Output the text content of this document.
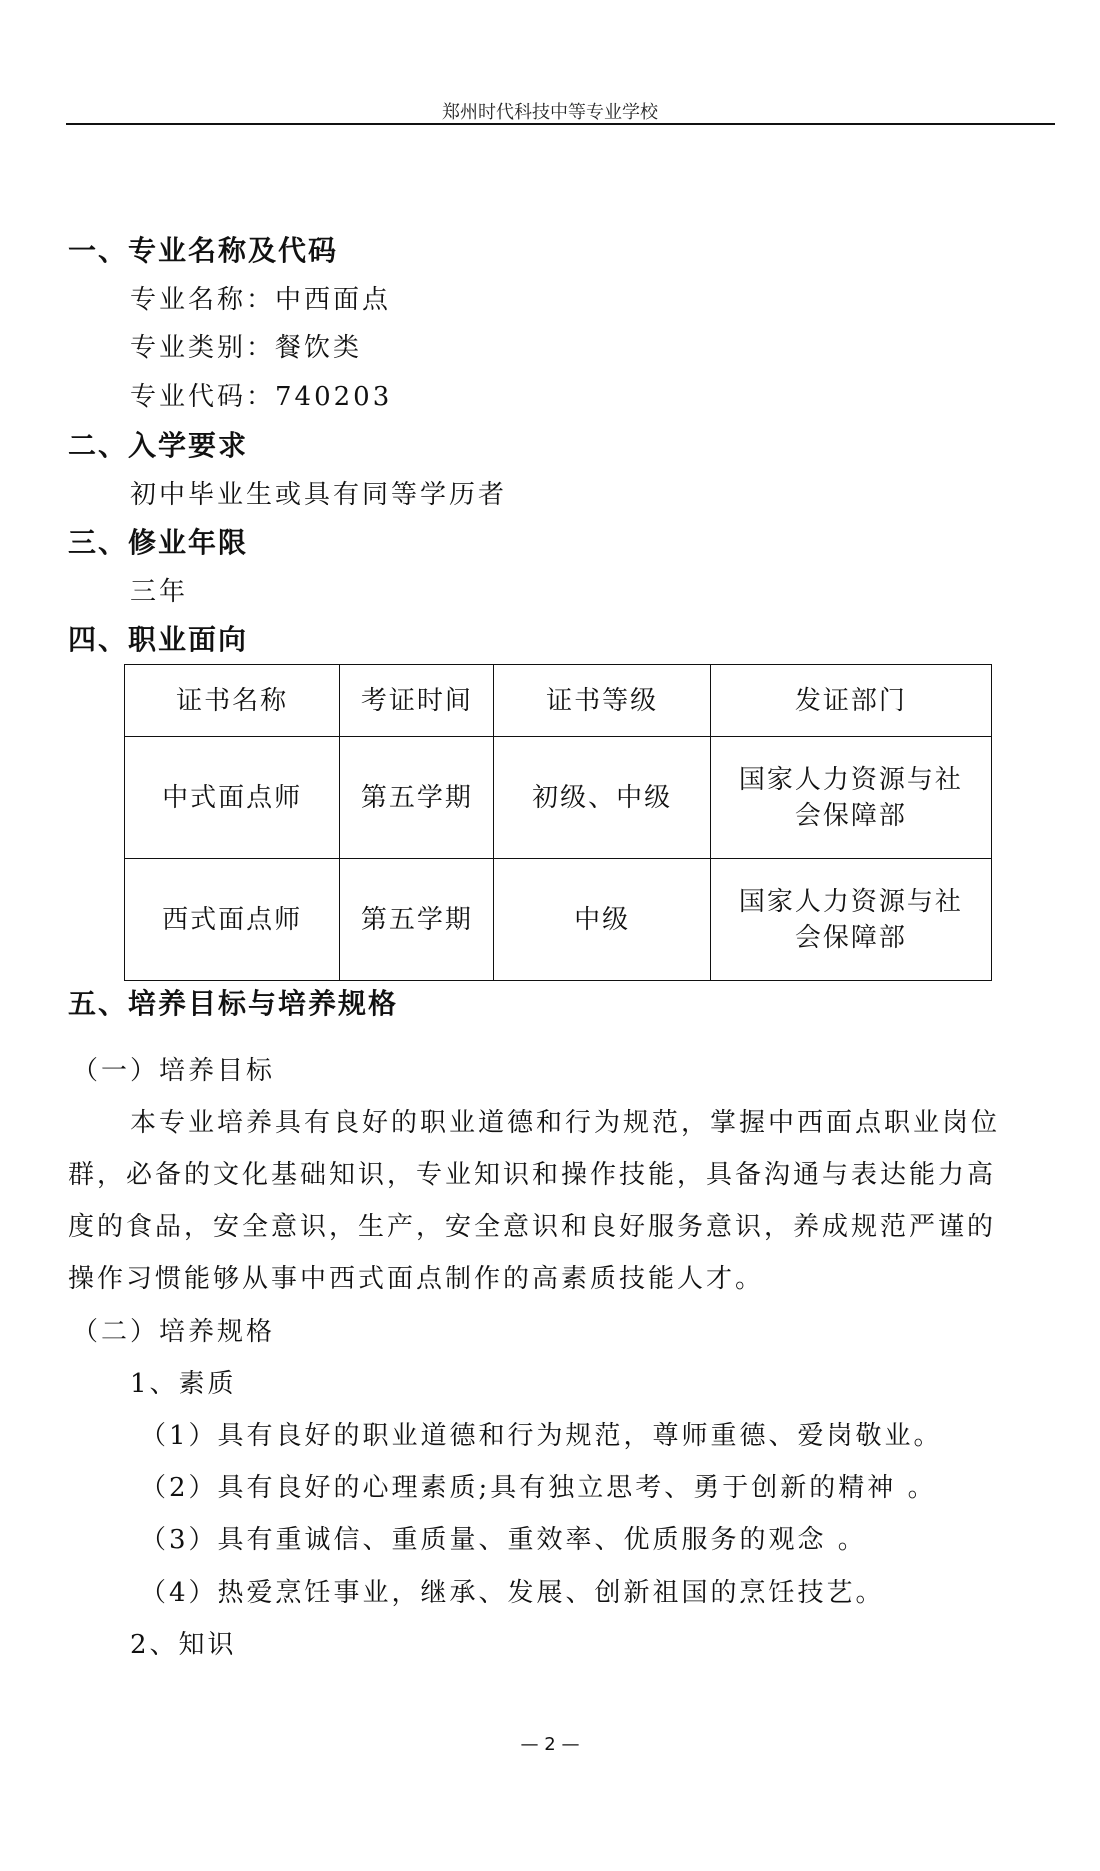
郑州时代科技中等专业学校
一、专业名称及代码
专业名称：中西面点
专业类别：餐饮类
专业代码：740203
二、入学要求
初中毕业生或具有同等学历者
三、修业年限
三年
四、职业面向
证书名称	考证时间	证书等级	发证部门
中式面点师	第五学期	初级、中级	国家人力资源与社
会保障部
西式面点师	第五学期	中级	国家人力资源与社
会保障部
五、培养目标与培养规格
（一）培养目标
本专业培养具有良好的职业道德和行为规范，掌握中西面点职业岗位
群，必备的文化基础知识，专业知识和操作技能，具备沟通与表达能力高
度的食品，安全意识，生产，安全意识和良好服务意识，养成规范严谨的
操作习惯能够从事中西式面点制作的高素质技能人才。
（二）培养规格
1、素质
（1）具有良好的职业道德和行为规范，尊师重德、爱岗敬业。
（2）具有良好的心理素质;具有独立思考、勇于创新的精神 。
（3）具有重诚信、重质量、重效率、优质服务的观念 。
（4）热爱烹饪事业，继承、发展、创新祖国的烹饪技艺。
2、知识
— 2 —
